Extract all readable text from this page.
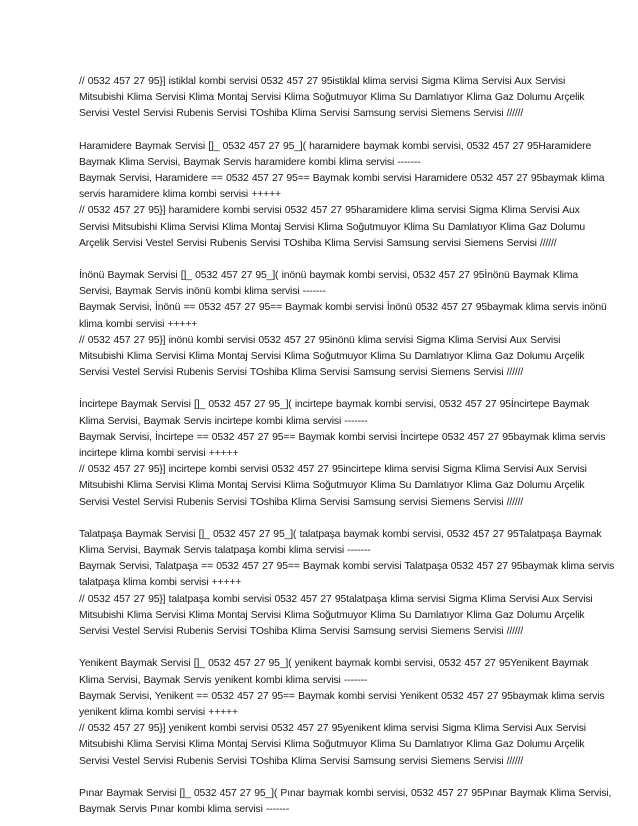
// 0532 457 27 95}] istiklal kombi servisi 0532 457 27 95istiklal klima servisi Sigma Klima Servisi Aux Servisi
Mitsubishi Klima Servisi Klima Montaj Servisi Klima Soğutmuyor Klima Su Damlatıyor Klima Gaz Dolumu Arçelik
Servisi Vestel Servisi Rubenis Servisi TOshiba Klima Servisi Samsung servisi Siemens Servisi //////

Haramidere Baymak Servisi []_ 0532 457 27 95_]( haramidere baymak kombi servisi, 0532 457 27 95Haramidere
Baymak Klima Servisi, Baymak Servis haramidere kombi klima servisi -------
Baymak Servisi, Haramidere == 0532 457 27 95== Baymak kombi servisi Haramidere 0532 457 27 95baymak klima
servis haramidere klima kombi servisi +++++
// 0532 457 27 95}] haramidere kombi servisi 0532 457 27 95haramidere klima servisi Sigma Klima Servisi Aux
Servisi Mitsubishi Klima Servisi Klima Montaj Servisi Klima Soğutmuyor Klima Su Damlatıyor Klima Gaz Dolumu
Arçelik Servisi Vestel Servisi Rubenis Servisi TOshiba Klima Servisi Samsung servisi Siemens Servisi //////

İnönü Baymak Servisi []_ 0532 457 27 95_]( inönü baymak kombi servisi, 0532 457 27 95İnönü Baymak Klima
Servisi, Baymak Servis inönü kombi klima servisi -------
Baymak Servisi, İnönü == 0532 457 27 95== Baymak kombi servisi İnönü 0532 457 27 95baymak klima servis inönü
klima kombi servisi +++++
// 0532 457 27 95}] inönü kombi servisi 0532 457 27 95inönü klima servisi Sigma Klima Servisi Aux Servisi
Mitsubishi Klima Servisi Klima Montaj Servisi Klima Soğutmuyor Klima Su Damlatıyor Klima Gaz Dolumu Arçelik
Servisi Vestel Servisi Rubenis Servisi TOshiba Klima Servisi Samsung servisi Siemens Servisi //////

İncirtepe Baymak Servisi []_ 0532 457 27 95_]( incirtepe baymak kombi servisi, 0532 457 27 95İncirtepe Baymak
Klima Servisi, Baymak Servis incirtepe kombi klima servisi -------
Baymak Servisi, İncirtepe == 0532 457 27 95== Baymak kombi servisi İncirtepe 0532 457 27 95baymak klima servis
incirtepe klima kombi servisi +++++
// 0532 457 27 95}] incirtepe kombi servisi 0532 457 27 95incirtepe klima servisi Sigma Klima Servisi Aux Servisi
Mitsubishi Klima Servisi Klima Montaj Servisi Klima Soğutmuyor Klima Su Damlatıyor Klima Gaz Dolumu Arçelik
Servisi Vestel Servisi Rubenis Servisi TOshiba Klima Servisi Samsung servisi Siemens Servisi //////

Talatpaşa Baymak Servisi []_ 0532 457 27 95_]( talatpaşa baymak kombi servisi, 0532 457 27 95Talatpaşa Baymak
Klima Servisi, Baymak Servis talatpaşa kombi klima servisi -------
Baymak Servisi, Talatpaşa == 0532 457 27 95== Baymak kombi servisi Talatpaşa 0532 457 27 95baymak klima servis
talatpaşa klima kombi servisi +++++
// 0532 457 27 95}] talatpaşa kombi servisi 0532 457 27 95talatpaşa klima servisi Sigma Klima Servisi Aux Servisi
Mitsubishi Klima Servisi Klima Montaj Servisi Klima Soğutmuyor Klima Su Damlatıyor Klima Gaz Dolumu Arçelik
Servisi Vestel Servisi Rubenis Servisi TOshiba Klima Servisi Samsung servisi Siemens Servisi //////

Yenikent Baymak Servisi []_ 0532 457 27 95_]( yenikent baymak kombi servisi, 0532 457 27 95Yenikent Baymak
Klima Servisi, Baymak Servis yenikent kombi klima servisi -------
Baymak Servisi, Yenikent == 0532 457 27 95== Baymak kombi servisi Yenikent 0532 457 27 95baymak klima servis
yenikent klima kombi servisi +++++
// 0532 457 27 95}] yenikent kombi servisi 0532 457 27 95yenikent klima servisi Sigma Klima Servisi Aux Servisi
Mitsubishi Klima Servisi Klima Montaj Servisi Klima Soğutmuyor Klima Su Damlatıyor Klima Gaz Dolumu Arçelik
Servisi Vestel Servisi Rubenis Servisi TOshiba Klima Servisi Samsung servisi Siemens Servisi //////

Pınar Baymak Servisi []_ 0532 457 27 95_]( Pınar baymak kombi servisi, 0532 457 27 95Pınar Baymak Klima Servisi,
Baymak Servis Pınar kombi klima servisi -------
